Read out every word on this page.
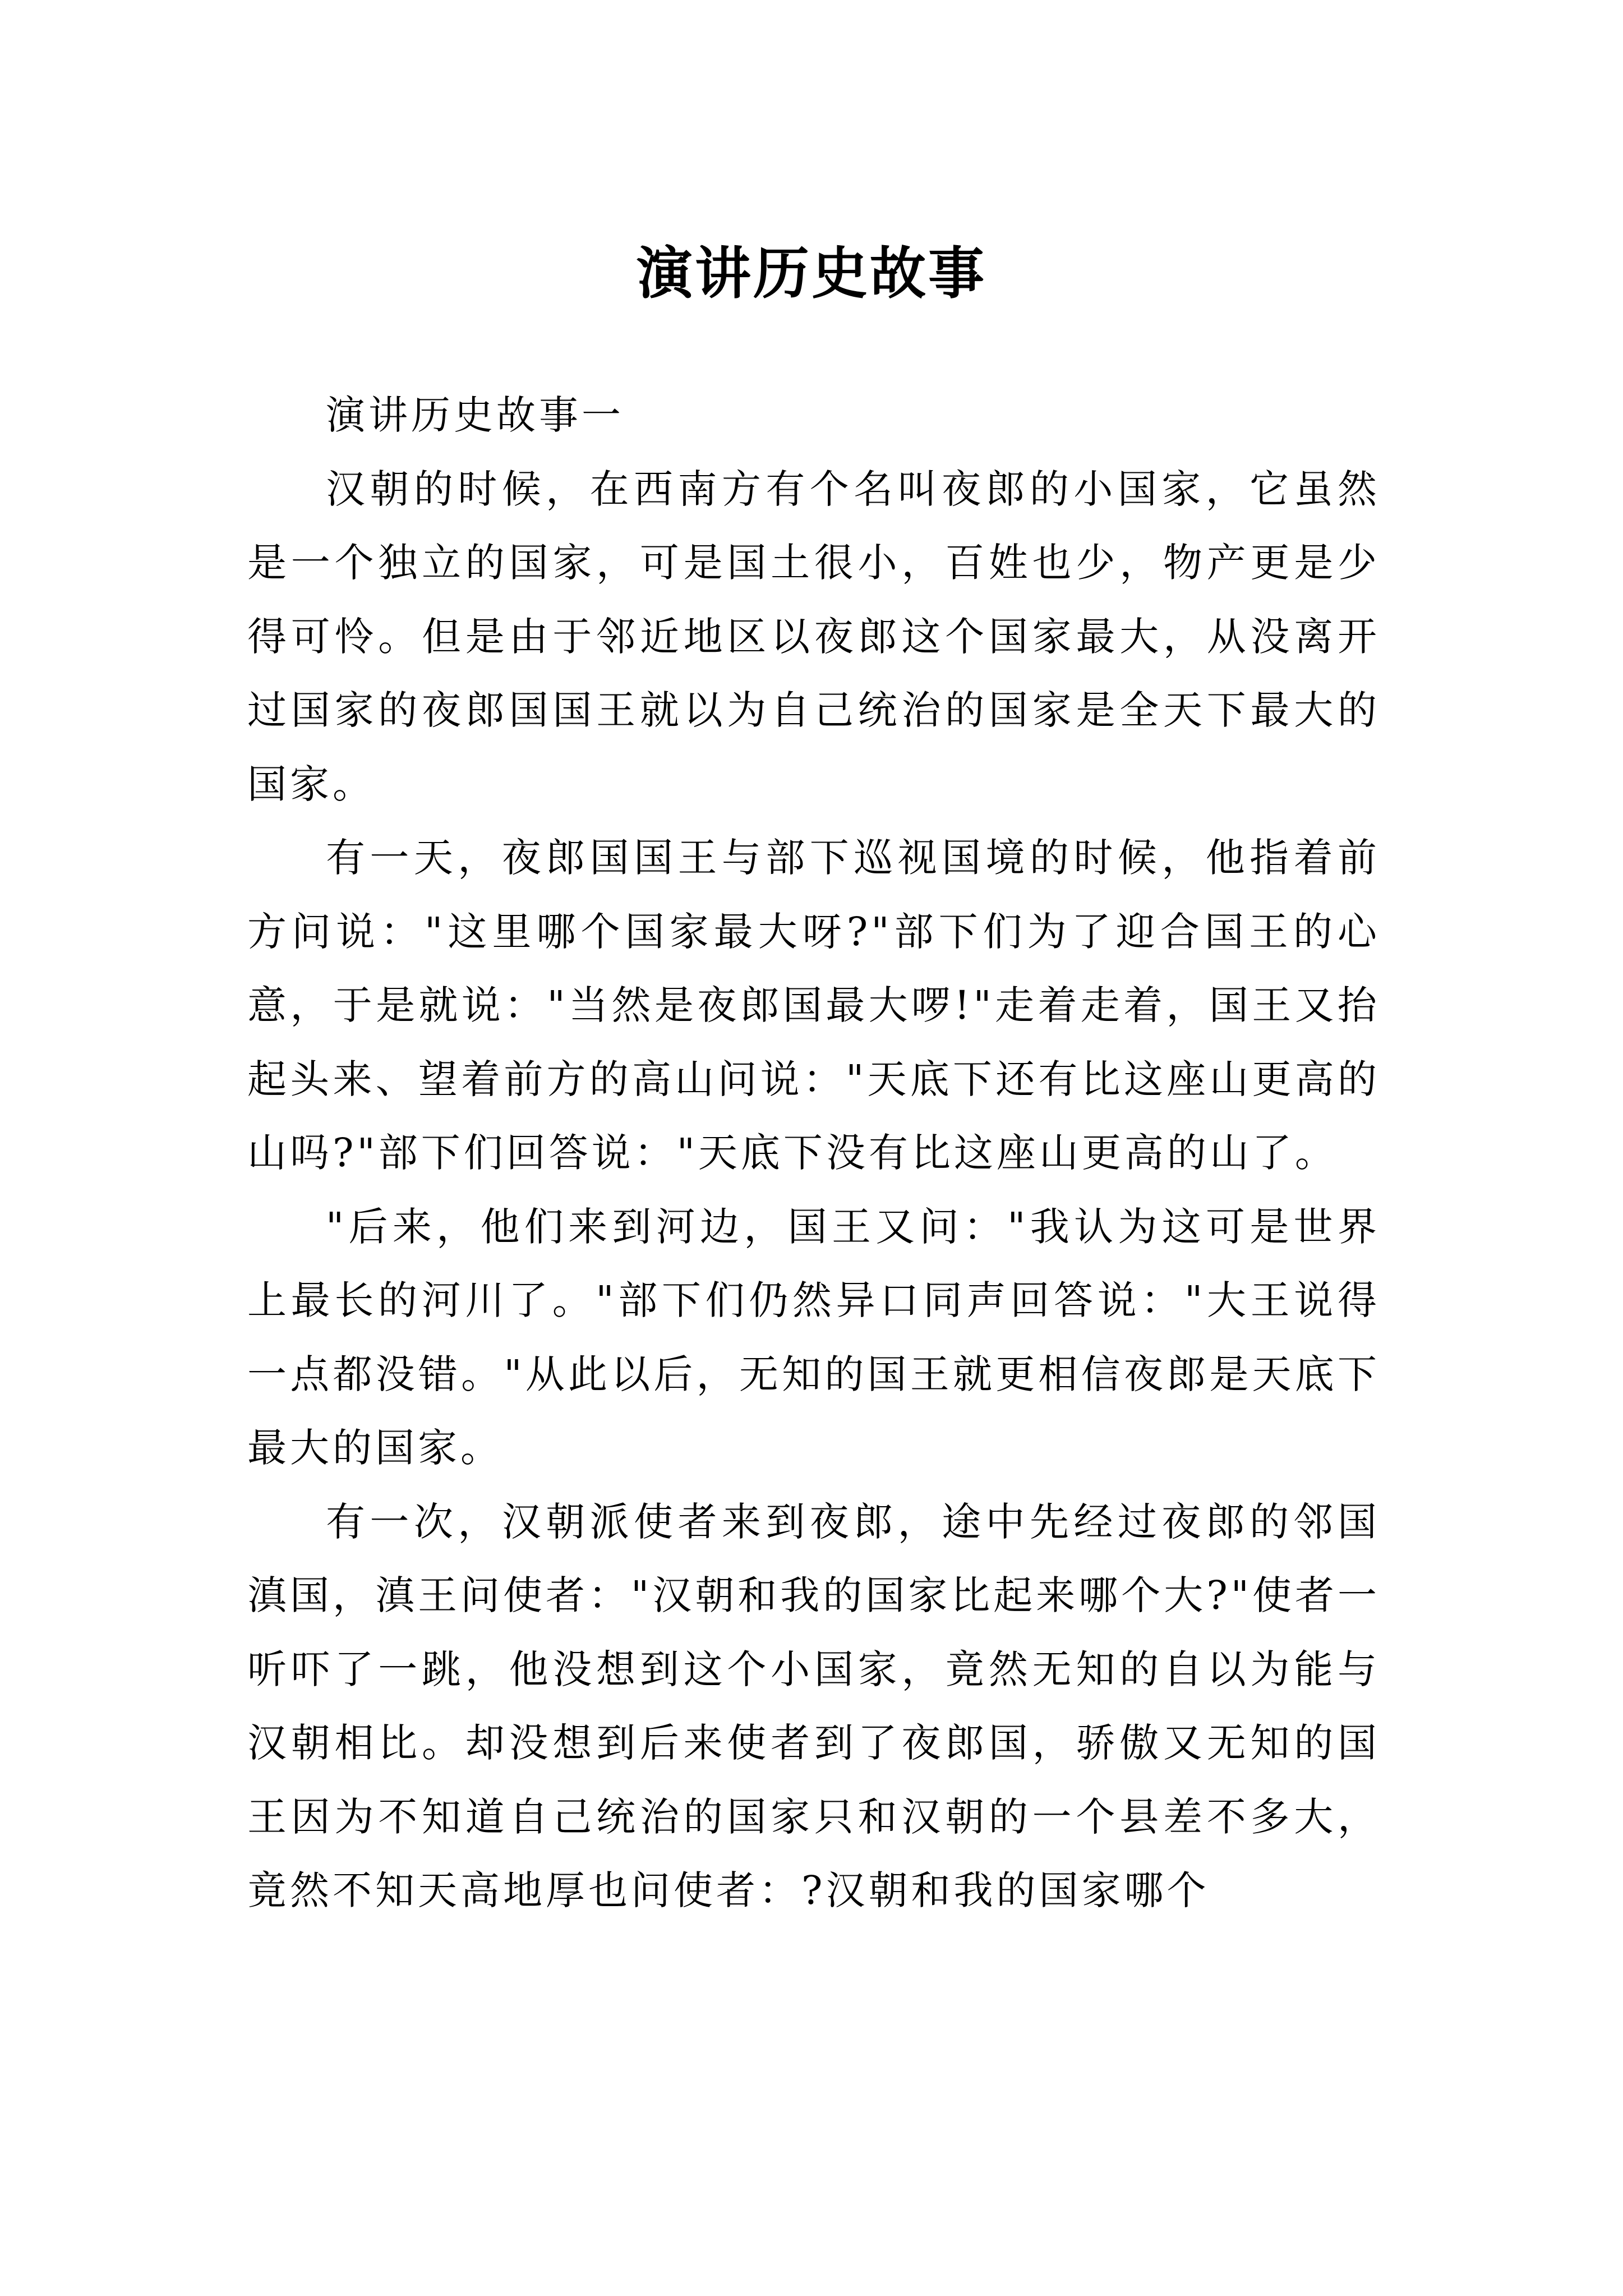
演讲历史故事

演讲历史故事一

汉朝的时候，在西南方有个名叫夜郎的小国家，它虽然是一个独立的国家，可是国土很小，百姓也少，物产更是少得可怜。但是由于邻近地区以夜郎这个国家最大，从没离开过国家的夜郎国国王就以为自己统治的国家是全天下最大的国家。

有一天，夜郎国国王与部下巡视国境的时候，他指着前方问说："这里哪个国家最大呀?"部下们为了迎合国王的心意，于是就说："当然是夜郎国最大啰!"走着走着，国王又抬起头来、望着前方的高山问说："天底下还有比这座山更高的山吗?"部下们回答说："天底下没有比这座山更高的山了。

"后来，他们来到河边，国王又问："我认为这可是世界上最长的河川了。"部下们仍然异口同声回答说："大王说得一点都没错。"从此以后，无知的国王就更相信夜郎是天底下最大的国家。

有一次，汉朝派使者来到夜郎，途中先经过夜郎的邻国滇国，滇王问使者："汉朝和我的国家比起来哪个大?"使者一听吓了一跳，他没想到这个小国家，竟然无知的自以为能与汉朝相比。却没想到后来使者到了夜郎国，骄傲又无知的国王因为不知道自己统治的国家只和汉朝的一个县差不多大，竟然不知天高地厚也问使者：?汉朝和我的国家哪个
